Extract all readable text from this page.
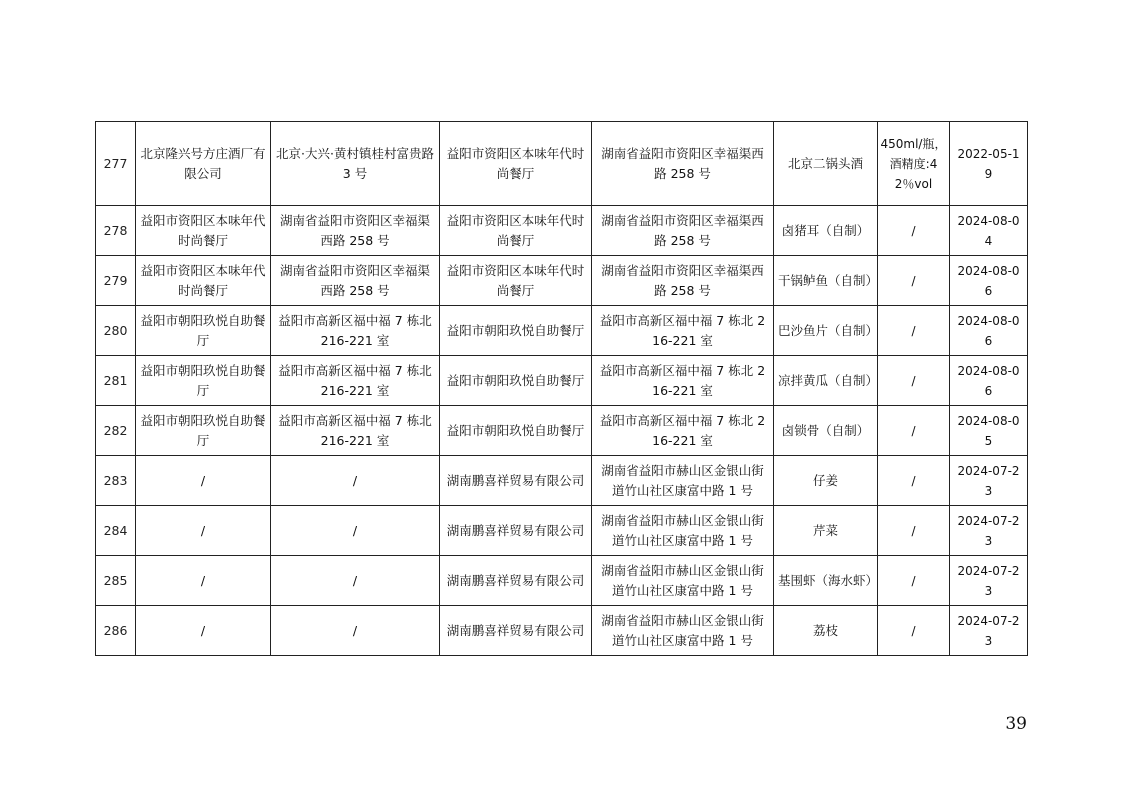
277	北京隆兴号方庄酒厂有限公司	北京·大兴·黄村镇桂村富贵路 3 号	益阳市资阳区本味年代时尚餐厅	湖南省益阳市资阳区幸福渠西路 258 号	北京二锅头酒	450ml/瓶，酒精度:42％vol	2022-05-19
278	益阳市资阳区本味年代时尚餐厅	湖南省益阳市资阳区幸福渠西路 258 号	益阳市资阳区本味年代时尚餐厅	湖南省益阳市资阳区幸福渠西路 258 号	卤猪耳（自制）	/	2024-08-04
279	益阳市资阳区本味年代时尚餐厅	湖南省益阳市资阳区幸福渠西路 258 号	益阳市资阳区本味年代时尚餐厅	湖南省益阳市资阳区幸福渠西路 258 号	干锅鲈鱼（自制）	/	2024-08-06
280	益阳市朝阳玖悦自助餐厅	益阳市高新区福中福 7 栋北 216-221 室	益阳市朝阳玖悦自助餐厅	益阳市高新区福中福 7 栋北 216-221 室	巴沙鱼片（自制）	/	2024-08-06
281	益阳市朝阳玖悦自助餐厅	益阳市高新区福中福 7 栋北 216-221 室	益阳市朝阳玖悦自助餐厅	益阳市高新区福中福 7 栋北 216-221 室	凉拌黄瓜（自制）	/	2024-08-06
282	益阳市朝阳玖悦自助餐厅	益阳市高新区福中福 7 栋北 216-221 室	益阳市朝阳玖悦自助餐厅	益阳市高新区福中福 7 栋北 216-221 室	卤锁骨（自制）	/	2024-08-05
283	/	/	湖南鹏喜祥贸易有限公司	湖南省益阳市赫山区金银山街道竹山社区康富中路 1 号	仔姜	/	2024-07-23
284	/	/	湖南鹏喜祥贸易有限公司	湖南省益阳市赫山区金银山街道竹山社区康富中路 1 号	芹菜	/	2024-07-23
285	/	/	湖南鹏喜祥贸易有限公司	湖南省益阳市赫山区金银山街道竹山社区康富中路 1 号	基围虾（海水虾）	/	2024-07-23
286	/	/	湖南鹏喜祥贸易有限公司	湖南省益阳市赫山区金银山街道竹山社区康富中路 1 号	荔枝	/	2024-07-23
39
